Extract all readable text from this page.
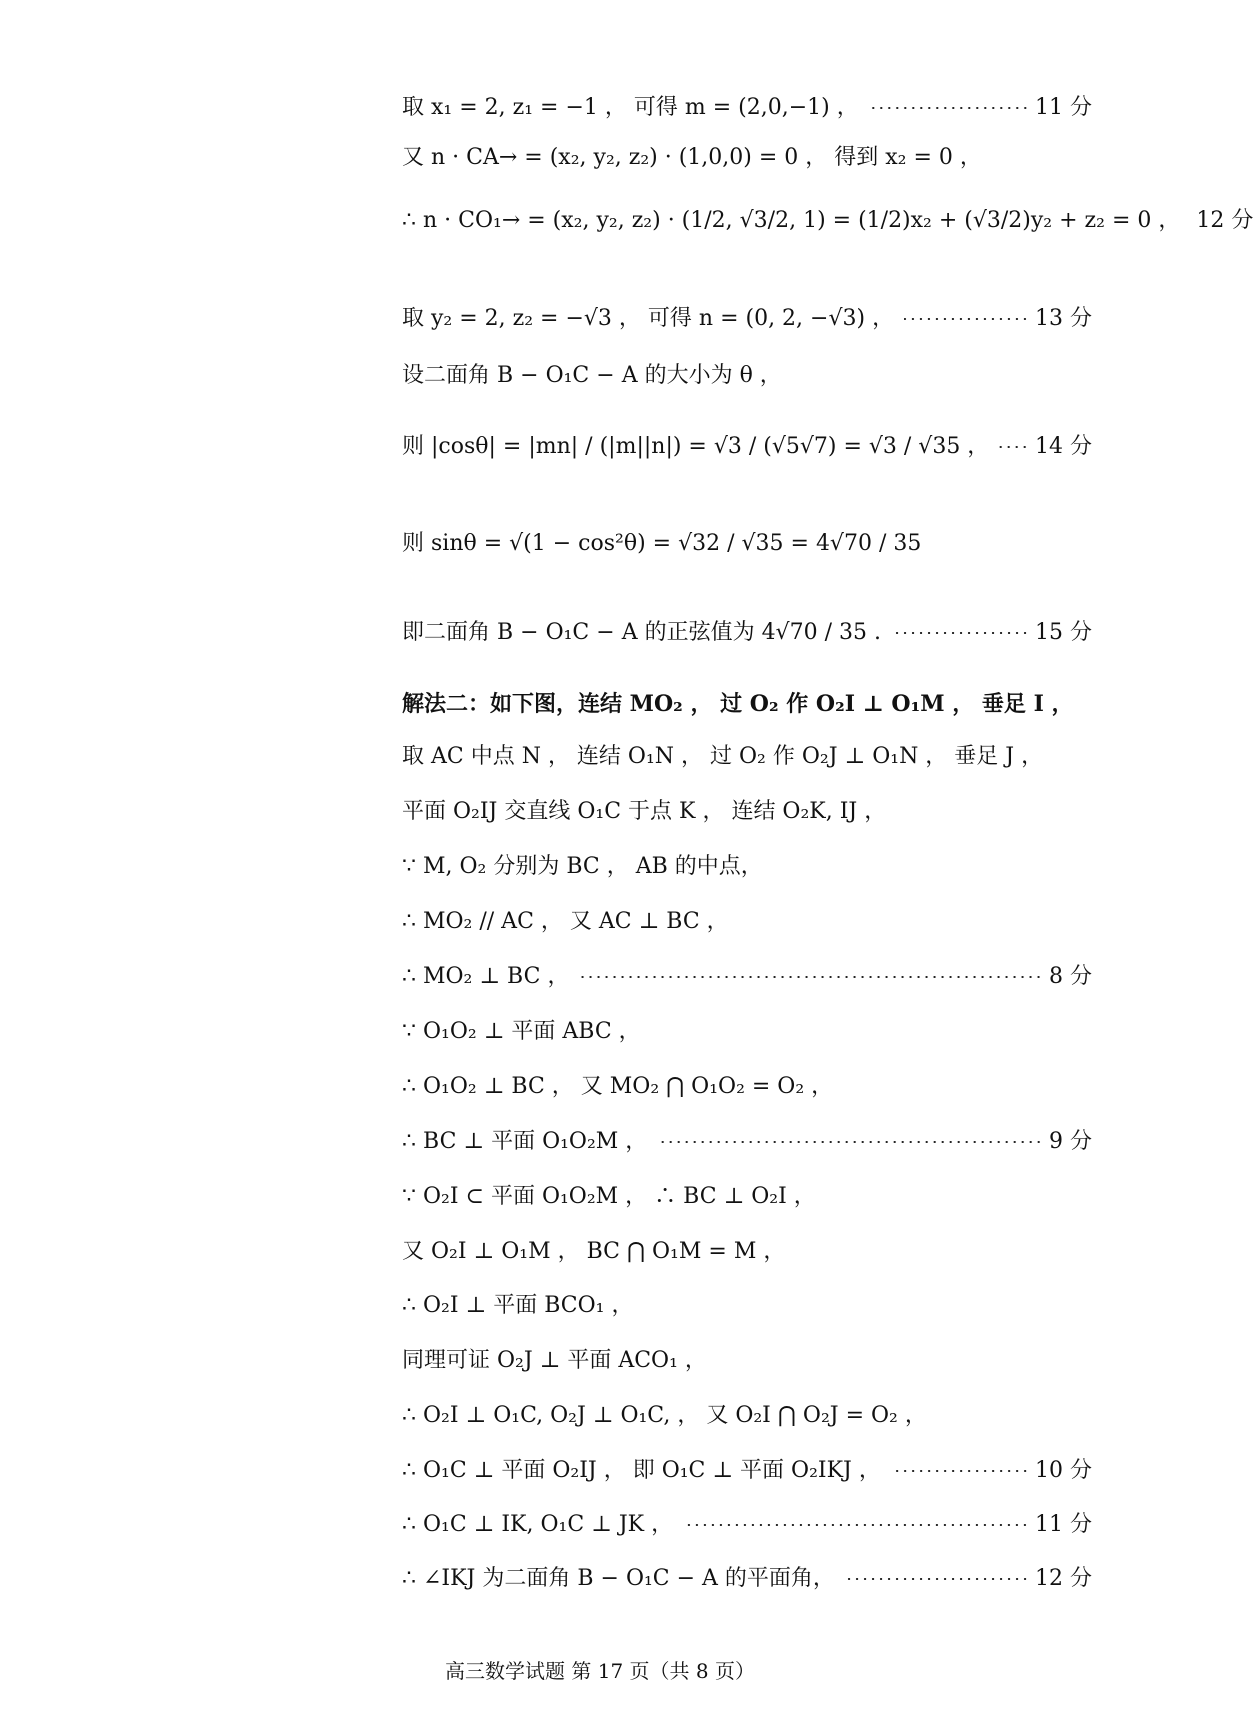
取 x₁ = 2, z₁ = −1 ， 可得 m = (2,0,−1) ，	11 分
又 n · CA→ = (x₂, y₂, z₂) · (1,0,0) = 0 ， 得到 x₂ = 0 ，
∴ n · CO₁→ = (x₂, y₂, z₂) · (1/2, √3/2, 1) = (1/2)x₂ + (√3/2)y₂ + z₂ = 0 ， 12 分
取 y₂ = 2, z₂ = −√3 ， 可得 n = (0, 2, −√3) ，	13 分
设二面角 B − O₁C − A 的大小为 θ ，
则 |cosθ| = |mn| / (|m||n|) = √3 / (√5√7) = √3 / √35 ， 14 分
则 sinθ = √(1 − cos²θ) = √32 / √35 = 4√70 / 35
即二面角 B − O₁C − A 的正弦值为 4√70 / 35 .	15 分
解法二：如下图，连结 MO₂ ， 过 O₂ 作 O₂I ⊥ O₁M ， 垂足 I ，
取 AC 中点 N ， 连结 O₁N ， 过 O₂ 作 O₂J ⊥ O₁N ， 垂足 J ，
平面 O₂IJ 交直线 O₁C 于点 K ， 连结 O₂K, IJ ，
∵ M, O₂ 分别为 BC ， AB 的中点，
∴ MO₂ // AC ， 又 AC ⊥ BC ，
∴ MO₂ ⊥ BC ，	8 分
∵ O₁O₂ ⊥ 平面 ABC ，
∴ O₁O₂ ⊥ BC ， 又 MO₂ ⋂ O₁O₂ = O₂ ，
∴ BC ⊥ 平面 O₁O₂M ，	9 分
∵ O₂I ⊂ 平面 O₁O₂M ， ∴ BC ⊥ O₂I ，
又 O₂I ⊥ O₁M ， BC ⋂ O₁M = M ，
∴ O₂I ⊥ 平面 BCO₁ ，
同理可证 O₂J ⊥ 平面 ACO₁ ，
∴ O₂I ⊥ O₁C, O₂J ⊥ O₁C, ， 又 O₂I ⋂ O₂J = O₂ ，
∴ O₁C ⊥ 平面 O₂IJ ， 即 O₁C ⊥ 平面 O₂IKJ ，	10 分
∴ O₁C ⊥ IK, O₁C ⊥ JK ，	11 分
∴ ∠IKJ 为二面角 B − O₁C − A 的平面角，	12 分
高三数学试题 第 17 页（共 8 页）
